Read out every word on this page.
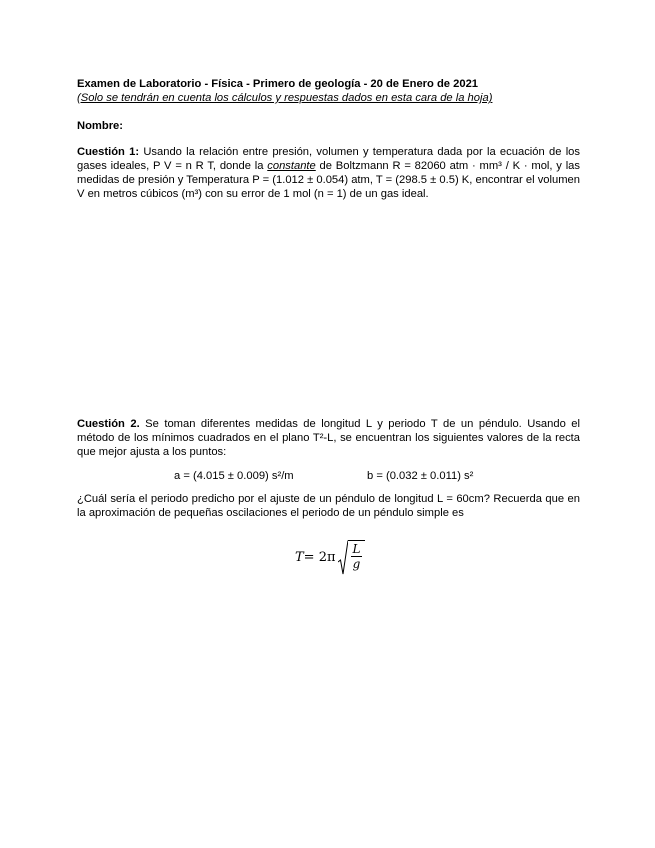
Examen de Laboratorio - Física - Primero de geología - 20 de Enero de 2021
(Solo se tendrán en cuenta los cálculos y respuestas dados en esta cara de la hoja)
Nombre:
Cuestión 1: Usando la relación entre presión, volumen y temperatura dada por la ecuación de los gases ideales, P V = n R T, donde la constante de Boltzmann R = 82060 atm · mm³ / K · mol, y las medidas de presión y Temperatura P = (1.012 ± 0.054) atm, T = (298.5 ± 0.5) K, encontrar el volumen V en metros cúbicos (m³) con su error de 1 mol (n = 1) de un gas ideal.
Cuestión 2. Se toman diferentes medidas de longitud L y periodo T de un péndulo. Usando el método de los mínimos cuadrados en el plano T²-L, se encuentran los siguientes valores de la recta que mejor ajusta a los puntos:
a = (4.015 ± 0.009) s²/m	b = (0.032 ± 0.011) s²
¿Cuál sería el periodo predicho por el ajuste de un péndulo de longitud L = 60cm? Recuerda que en la aproximación de pequeñas oscilaciones el periodo de un péndulo simple es
$T = 2\pi \frac{L}{g}$
